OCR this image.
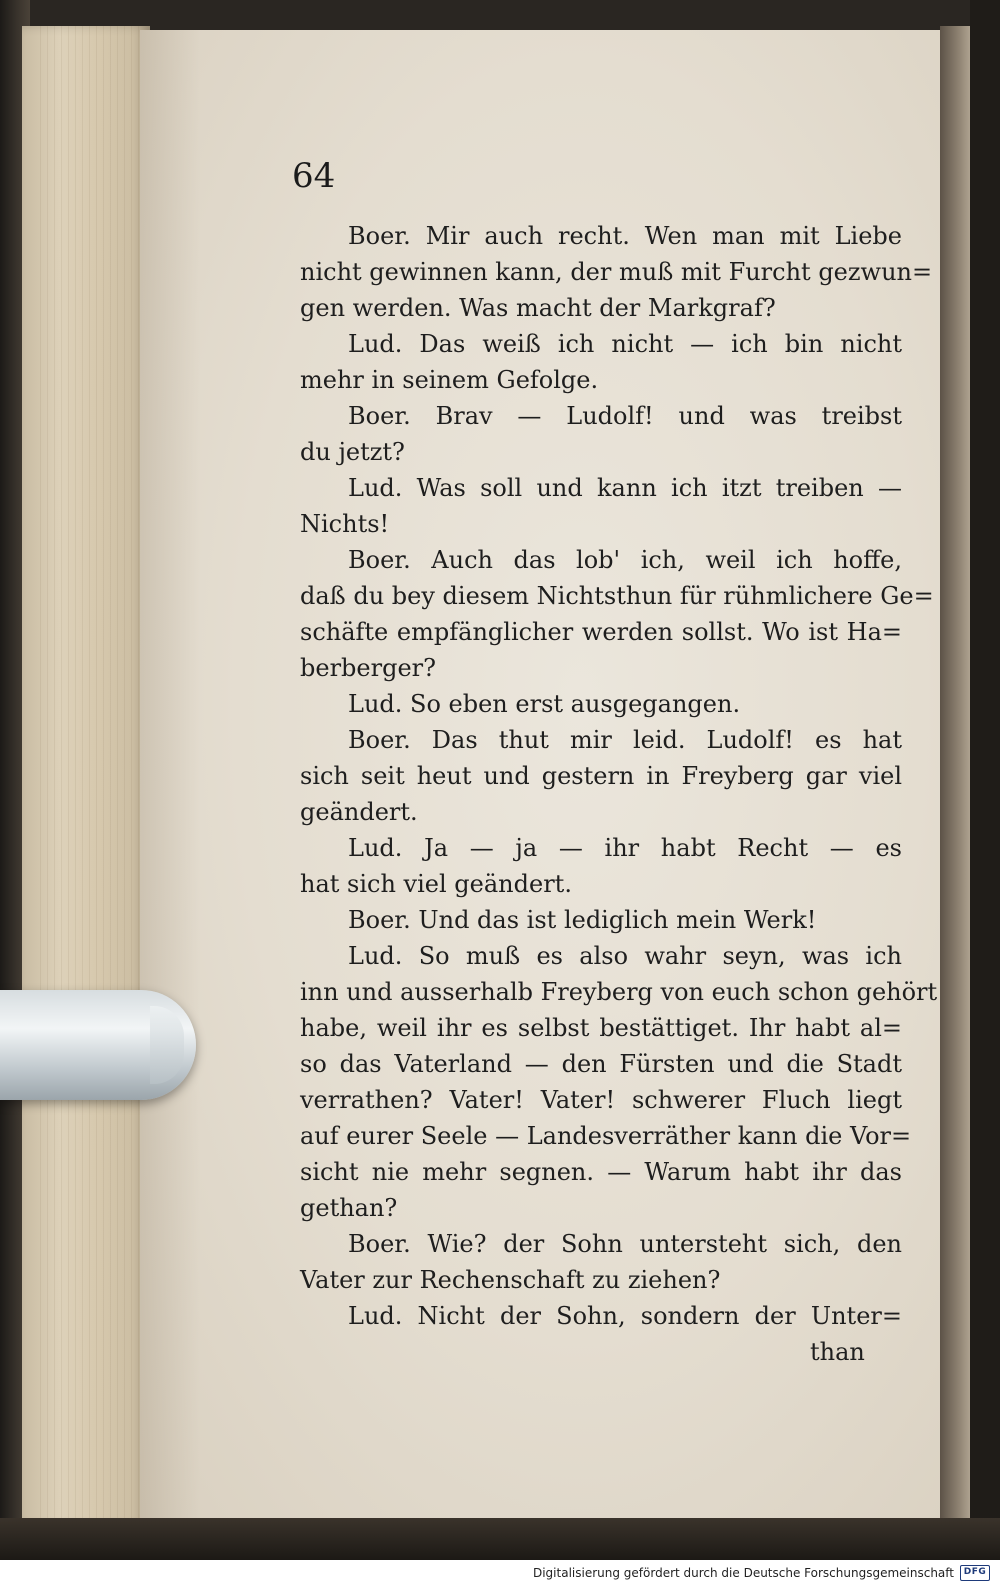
64
Boer. Mir auch recht. Wen man mit Liebe
nicht gewinnen kann, der muß mit Furcht gezwun=
gen werden. Was macht der Markgraf?
Lud. Das weiß ich nicht — ich bin nicht
mehr in seinem Gefolge.
Boer. Brav — Ludolf! und was treibst
du jetzt?
Lud. Was soll und kann ich itzt treiben —
Nichts!
Boer. Auch das lob' ich, weil ich hoffe,
daß du bey diesem Nichtsthun für rühmlichere Ge=
schäfte empfänglicher werden sollst. Wo ist Ha=
berberger?
Lud. So eben erst ausgegangen.
Boer. Das thut mir leid. Ludolf! es hat
sich seit heut und gestern in Freyberg gar viel
geändert.
Lud. Ja — ja — ihr habt Recht — es
hat sich viel geändert.
Boer. Und das ist lediglich mein Werk!
Lud. So muß es also wahr seyn, was ich
inn und ausserhalb Freyberg von euch schon gehört
habe, weil ihr es selbst bestättiget. Ihr habt al=
so das Vaterland — den Fürsten und die Stadt
verrathen? Vater! Vater! schwerer Fluch liegt
auf eurer Seele — Landesverräther kann die Vor=
sicht nie mehr segnen. — Warum habt ihr das
gethan?
Boer. Wie? der Sohn untersteht sich, den
Vater zur Rechenschaft zu ziehen?
Lud. Nicht der Sohn, sondern der Unter=
than
Digitalisierung gefördert durch die Deutsche Forschungsgemeinschaft	DFG
